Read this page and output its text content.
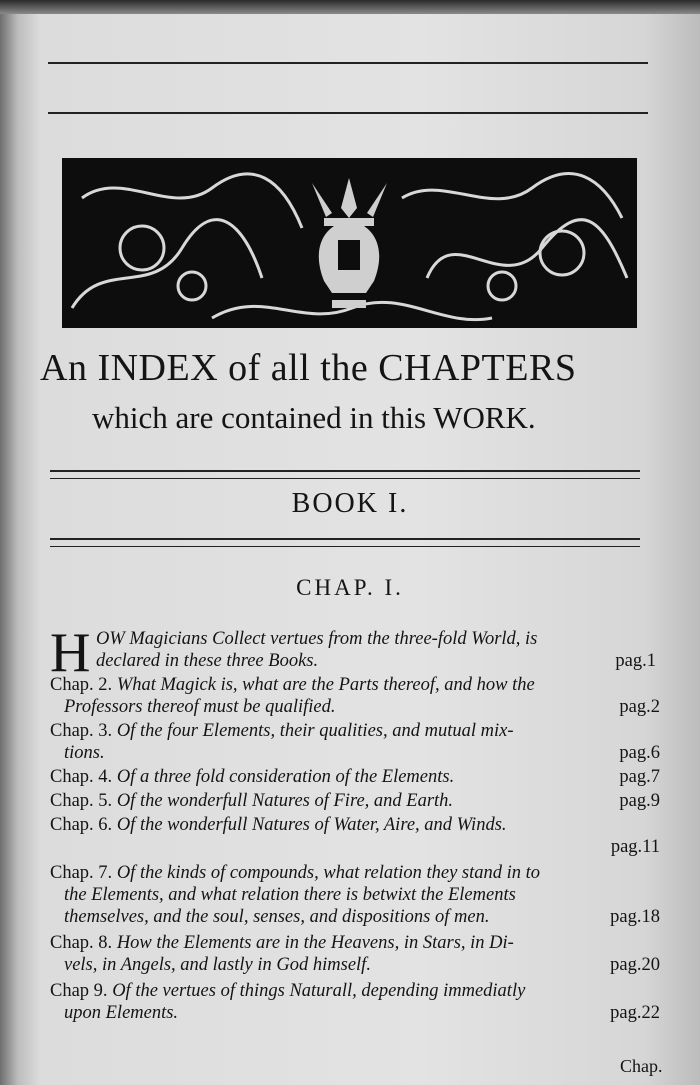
An INDEX of all the CHAPTERS
which are contained in this WORK.
BOOK I.
CHAP. I.
H OW Magicians Collect vertues from the three-fold World, is
declared in these three Books.	pag.1
Chap. 2. What Magick is, what are the Parts thereof, and how the
Professors thereof must be qualified.	pag.2
Chap. 3. Of the four Elements, their qualities, and mutual mix-
tions.	pag.6
Chap. 4. Of a three fold consideration of the Elements.	pag.7
Chap. 5. Of the wonderfull Natures of Fire, and Earth.	pag.9
Chap. 6. Of the wonderfull Natures of Water, Aire, and Winds.
pag.11

Chap. 7. Of the kinds of compounds, what relation they stand in to
the Elements, and what relation there is betwixt the Elements
themselves, and the soul, senses, and dispositions of men.	pag.18
Chap. 8. How the Elements are in the Heavens, in Stars, in Di-
vels, in Angels, and lastly in God himself.	pag.20
Chap 9. Of the vertues of things Naturall, depending immediatly
upon Elements.	pag.22
Chap.
